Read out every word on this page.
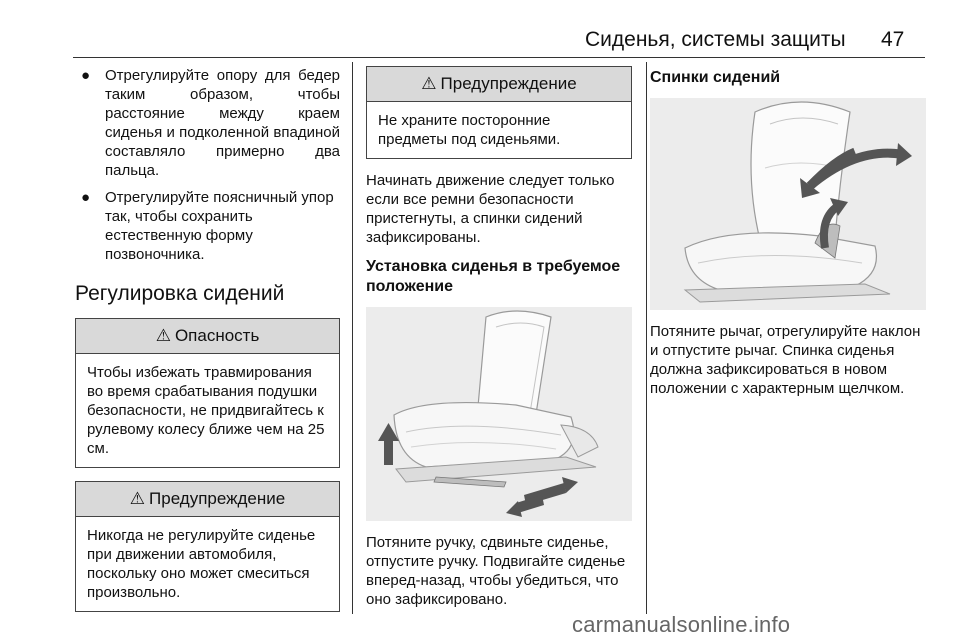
Сиденья, системы защиты 47
● Отрегулируйте опору для бедер таким образом, чтобы расстояние между краем сиденья и подколенной впадиной составляло примерно два пальца.
● Отрегулируйте поясничный упор так, чтобы сохранить естественную форму позвоночника.
Регулировка сидений
⚠ Опасность
Чтобы избежать травмирования во время срабатывания подушки безопасности, не придвигайтесь к рулевому колесу ближе чем на 25 см.
⚠ Предупреждение
Никогда не регулируйте сиденье при движении автомобиля, поскольку оно может смеситься произвольно.
⚠ Предупреждение
Не храните посторонние предметы под сиденьями.
Начинать движение следует только если все ремни безопасности пристегнуты, а спинки сидений зафиксированы.
Установка сиденья в требуемое положение
Потяните ручку, сдвиньте сиденье, отпустите ручку. Подвигайте сиденье вперед-назад, чтобы убедиться, что оно зафиксировано.
Спинки сидений
Потяните рычаг, отрегулируйте наклон и отпустите рычаг. Спинка сиденья должна зафиксироваться в новом положении с характерным щелчком.
carmanualsonline.info
